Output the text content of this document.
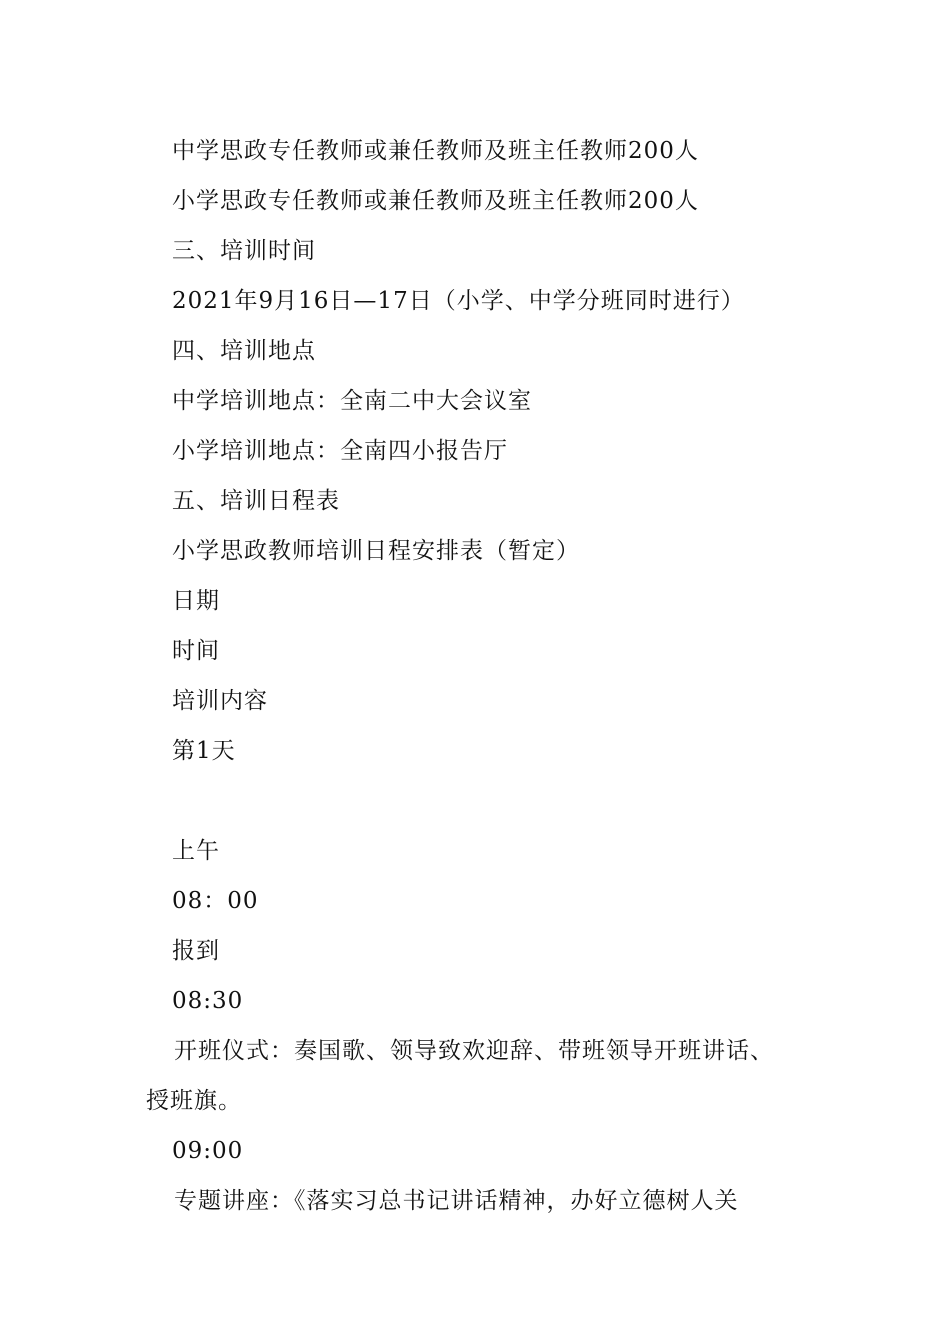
中学思政专任教师或兼任教师及班主任教师200人
小学思政专任教师或兼任教师及班主任教师200人
三、培训时间
2021年9月16日—17日（小学、中学分班同时进行）
四、培训地点
中学培训地点：全南二中大会议室
小学培训地点：全南四小报告厅
五、培训日程表
小学思政教师培训日程安排表（暂定）
日期
时间
培训内容
第1天
上午
08：00
报到
08:30
开班仪式：奏国歌、领导致欢迎辞、带班领导开班讲话、
授班旗。
09:00
专题讲座：《落实习总书记讲话精神，办好立德树人关
